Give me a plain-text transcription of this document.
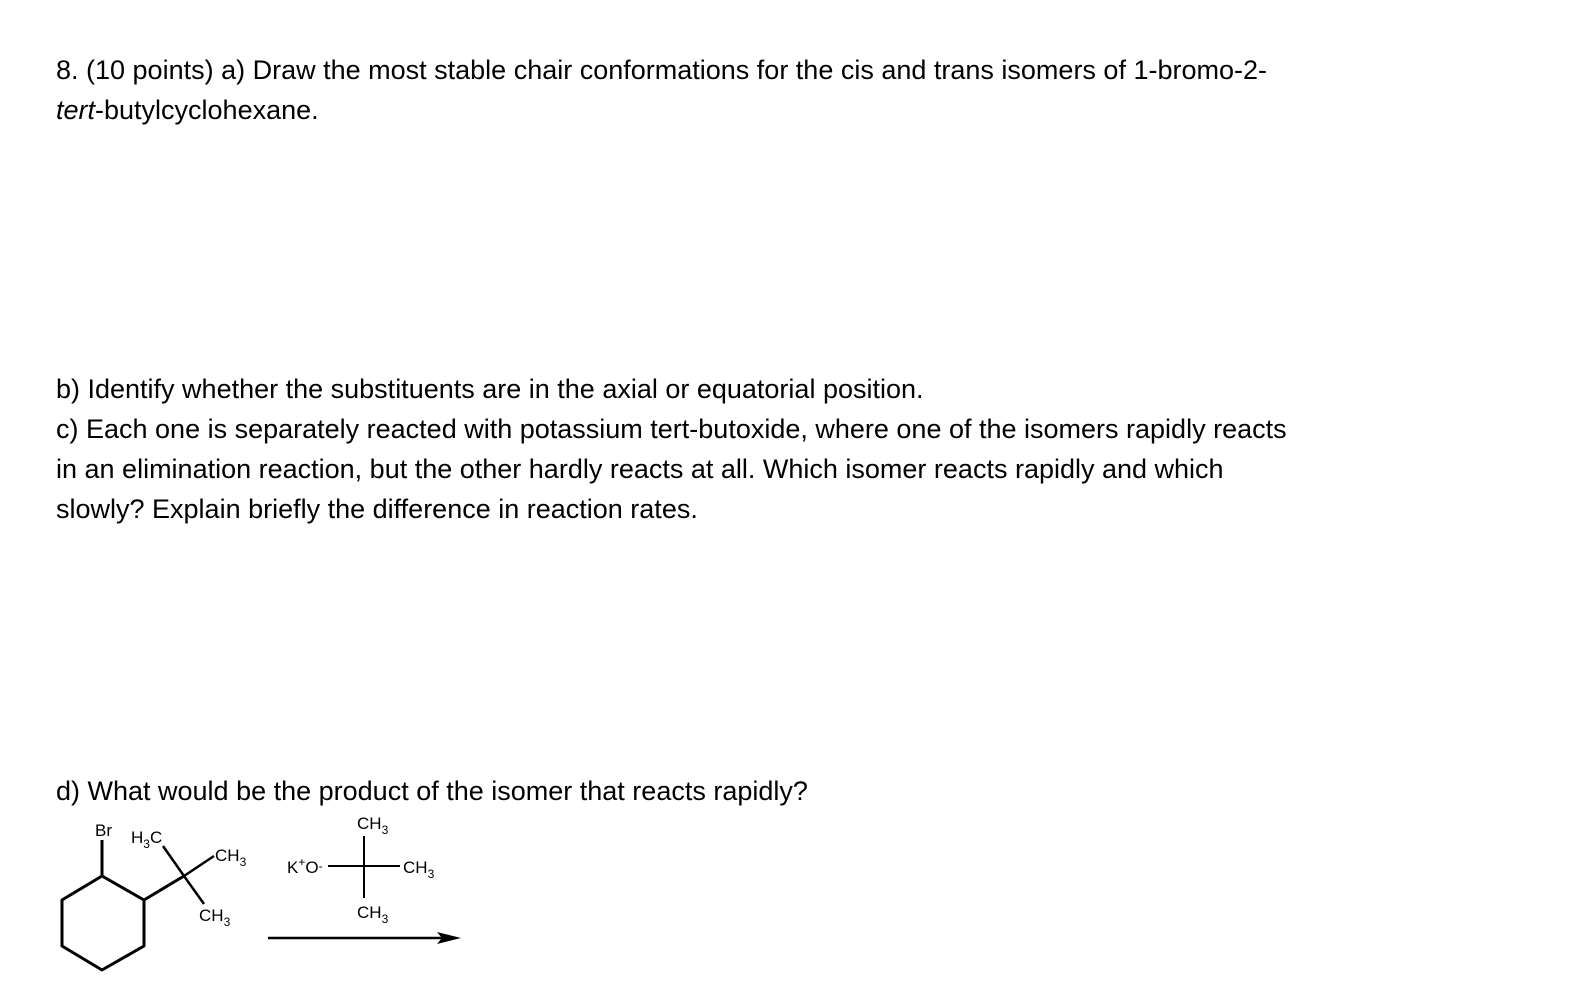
8. (10 points) a) Draw the most stable chair conformations for the cis and trans isomers of 1-bromo-2-
tert-butylcyclohexane.

b) Identify whether the substituents are in the axial or equatorial position.
c) Each one is separately reacted with potassium tert-butoxide, where one of the isomers rapidly reacts
in an elimination reaction, but the other hardly reacts at all. Which isomer reacts rapidly and which
slowly? Explain briefly the difference in reaction rates.

d) What would be the product of the isomer that reacts rapidly?

Br $H_3C$
$CH_3$
$CH_3$
K+O-
$CH_3$
$CH_3$
$CH_3$
